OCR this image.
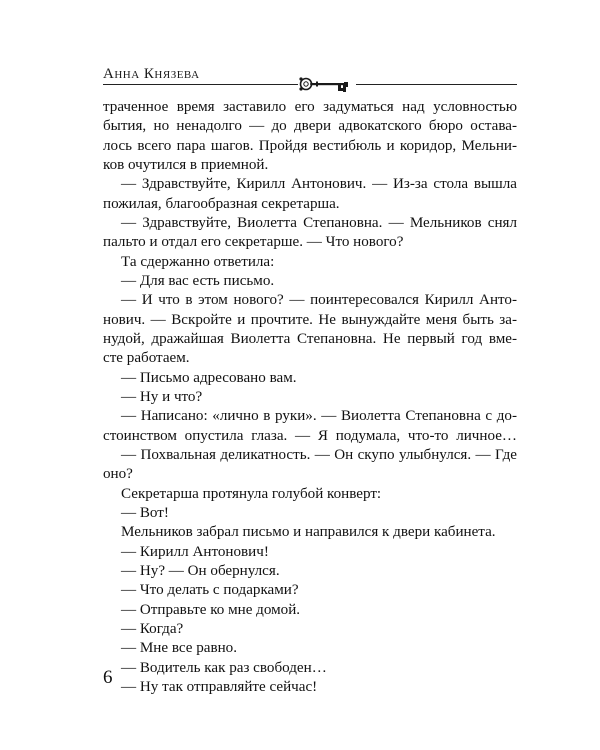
Анна Князева
траченное время заставило его задуматься над условностью
бытия, но ненадолго — до двери адвокатского бюро остава-
лось всего пара шагов. Пройдя вестибюль и коридор, Мельни-
ков очутился в приемной.
— Здравствуйте, Кирилл Антонович. — Из-за стола вышла
пожилая, благообразная секретарша.
— Здравствуйте, Виолетта Степановна. — Мельников снял
пальто и отдал его секретарше. — Что нового?
Та сдержанно ответила:
— Для вас есть письмо.
— И что в этом нового? — поинтересовался Кирилл Анто-
нович. — Вскройте и прочтите. Не вынуждайте меня быть за-
нудой, дражайшая Виолетта Степановна. Не первый год вме-
сте работаем.
— Письмо адресовано вам.
— Ну и что?
— Написано: «лично в руки». — Виолетта Степановна с до-
стоинством опустила глаза. — Я подумала, что-то личное…
— Похвальная деликатность. — Он скупо улыбнулся. — Где
оно?
Секретарша протянула голубой конверт:
— Вот!
Мельников забрал письмо и направился к двери кабинета.
— Кирилл Антонович!
— Ну? — Он обернулся.
— Что делать с подарками?
— Отправьте ко мне домой.
— Когда?
— Мне все равно.
— Водитель как раз свободен…
— Ну так отправляйте сейчас!
6
